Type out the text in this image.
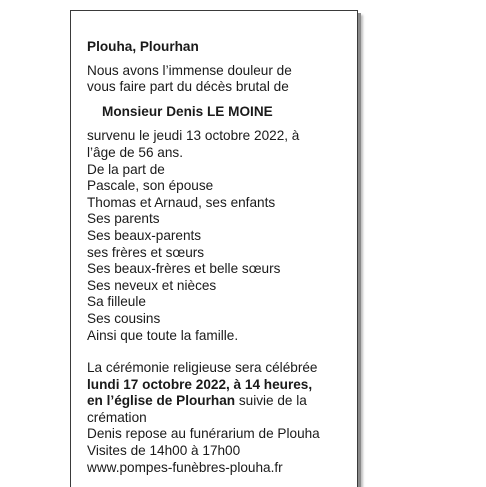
Plouha, Plourhan
Nous avons l’immense douleur de
vous faire part du décès brutal de
Monsieur Denis LE MOINE
survenu le jeudi 13 octobre 2022, à
l’âge de 56 ans.
De la part de
Pascale, son épouse
Thomas et Arnaud, ses enfants
Ses parents
Ses beaux-parents
ses frères et sœurs
Ses beaux-frères et belle sœurs
Ses neveux et nièces
Sa filleule
Ses cousins
Ainsi que toute la famille.
La cérémonie religieuse sera célébrée
lundi 17 octobre 2022, à 14 heures,
en l’église de Plourhan suivie de la
crémation
Denis repose au funérarium de Plouha
Visites de 14h00 à 17h00
www.pompes-funèbres-plouha.fr
